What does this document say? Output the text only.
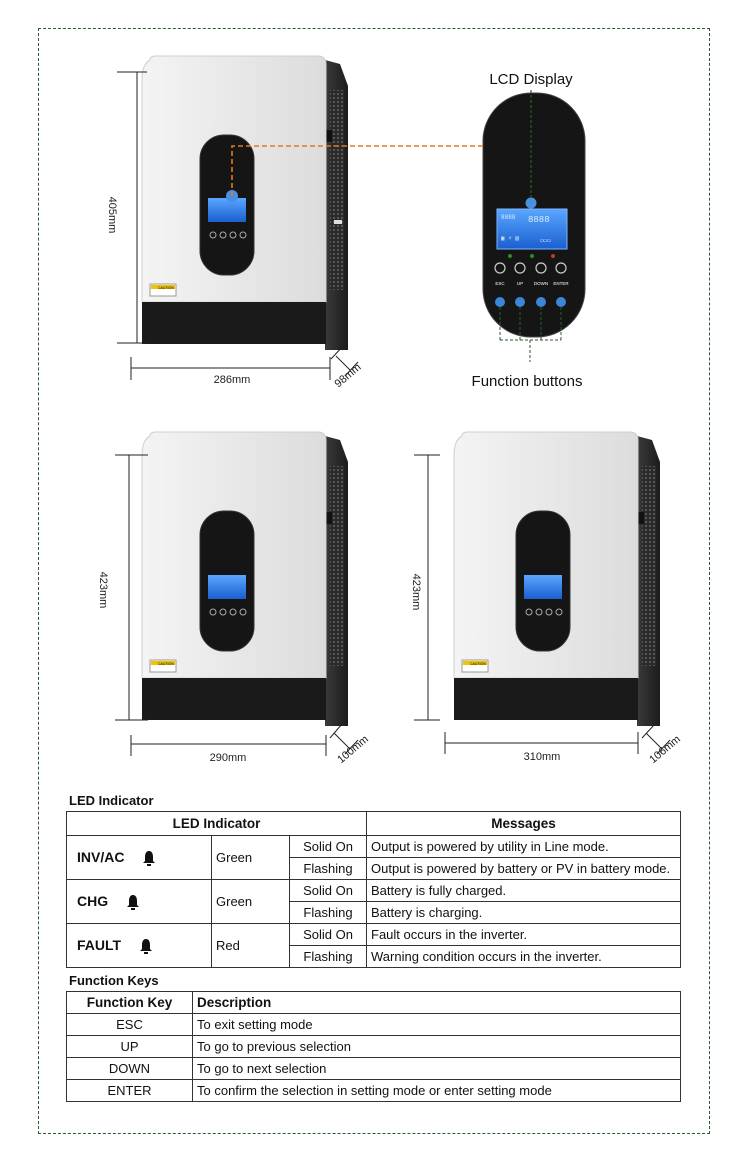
CAUTION
405mm
286mm	98mm
8888 8888
▣ ⚡ ▤	▭▭▭
ESC	UP DOWN ENTER
LCD Display
Function buttons
CAUTION
423mm
290mm	100mm
CAUTION
423mm
310mm	106mm
LED Indicator
LED Indicator			Messages
INV/AC	Green	Solid On	Output is powered by utility in Line mode.
		Flashing	Output is powered by battery or PV in battery mode.
CHG	Green	Solid On	Battery is fully charged.
		Flashing	Battery is charging.
FAULT	Red	Solid On	Fault occurs in the inverter.
		Flashing	Warning condition occurs in the inverter.
Function Keys
Function Key	Description
ESC	To exit setting mode
UP	To go to previous selection
DOWN	To go to next selection
ENTER	To confirm the selection in setting mode or enter setting mode
